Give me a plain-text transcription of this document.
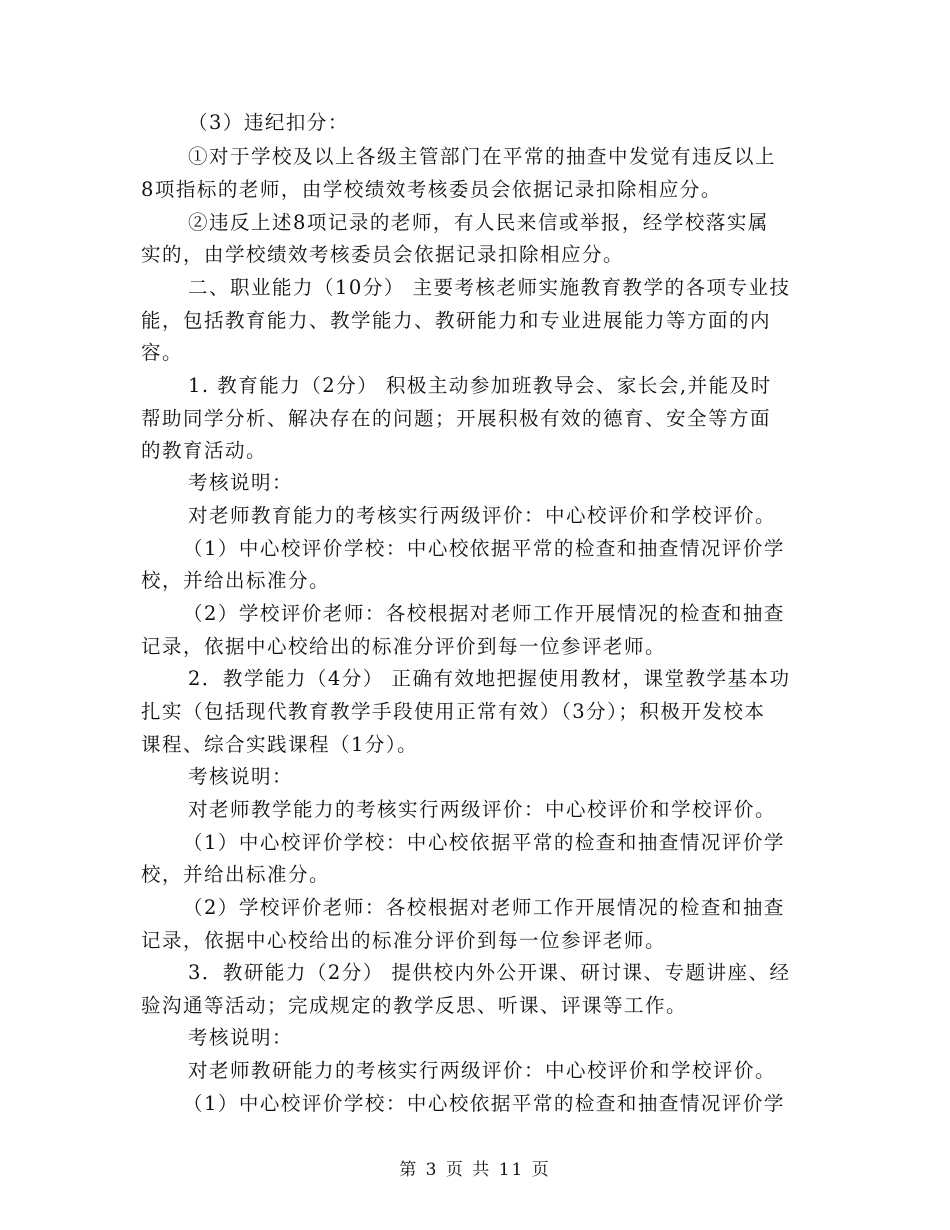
（3）违纪扣分：
①对于学校及以上各级主管部门在平常的抽查中发觉有违反以上
8项指标的老师，由学校绩效考核委员会依据记录扣除相应分。
②违反上述8项记录的老师，有人民来信或举报，经学校落实属
实的，由学校绩效考核委员会依据记录扣除相应分。
二、职业能力（10分） 主要考核老师实施教育教学的各项专业技
能，包括教育能力、教学能力、教研能力和专业进展能力等方面的内
容。
1. 教育能力（2分） 积极主动参加班教导会、家长会,并能及时
帮助同学分析、解决存在的问题；开展积极有效的德育、安全等方面
的教育活动。
考核说明：
对老师教育能力的考核实行两级评价：中心校评价和学校评价。
（1）中心校评价学校：中心校依据平常的检查和抽查情况评价学
校，并给出标准分。
（2）学校评价老师：各校根据对老师工作开展情况的检查和抽查
记录，依据中心校给出的标准分评价到每一位参评老师。
2．教学能力（4分） 正确有效地把握使用教材，课堂教学基本功
扎实（包括现代教育教学手段使用正常有效）（3分）；积极开发校本
课程、综合实践课程（1分）。
考核说明：
对老师教学能力的考核实行两级评价：中心校评价和学校评价。
（1）中心校评价学校：中心校依据平常的检查和抽查情况评价学
校，并给出标准分。
（2）学校评价老师：各校根据对老师工作开展情况的检查和抽查
记录，依据中心校给出的标准分评价到每一位参评老师。
3．教研能力（2分） 提供校内外公开课、研讨课、专题讲座、经
验沟通等活动；完成规定的教学反思、听课、评课等工作。
考核说明：
对老师教研能力的考核实行两级评价：中心校评价和学校评价。
（1）中心校评价学校：中心校依据平常的检查和抽查情况评价学
第 3 页 共 11 页
